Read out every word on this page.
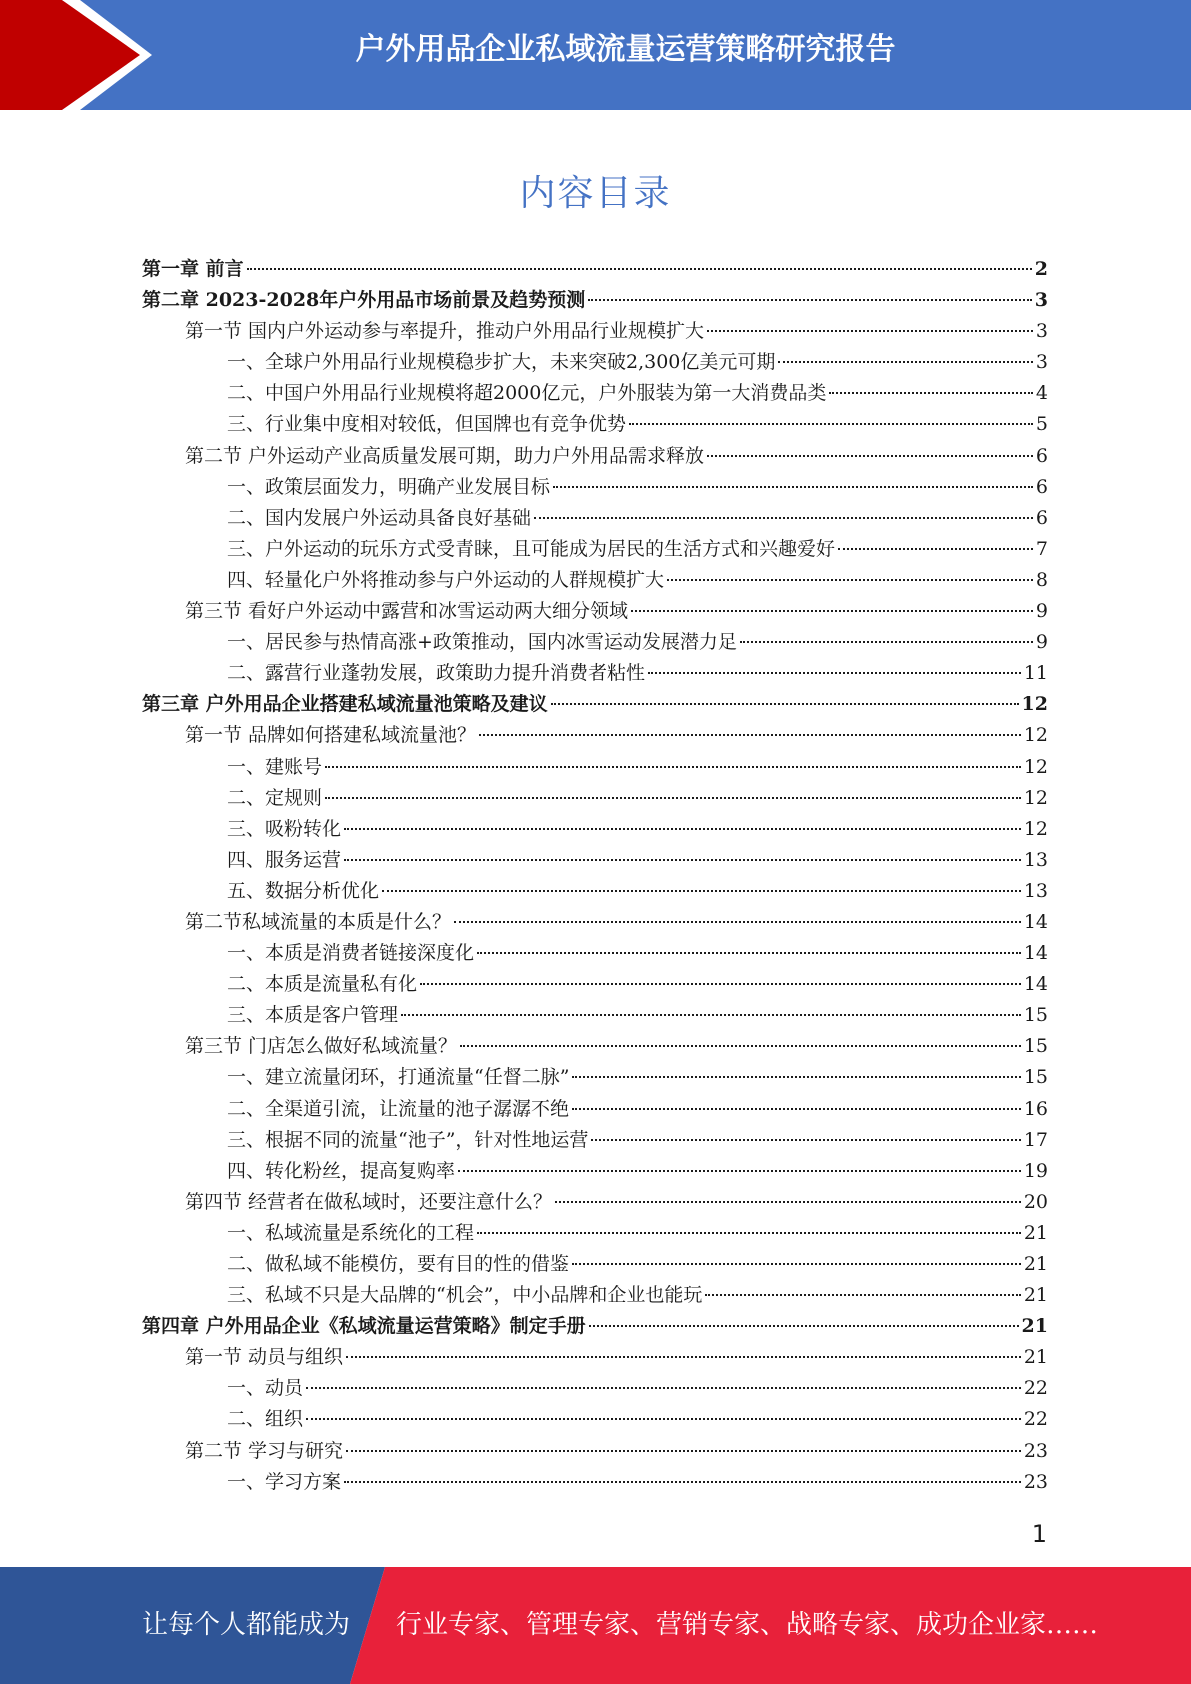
户外用品企业私域流量运营策略研究报告
内容目录
第一章 前言	2
第二章 2023-2028年户外用品市场前景及趋势预测	3
第一节 国内户外运动参与率提升，推动户外用品行业规模扩大	3
一、全球户外用品行业规模稳步扩大，未来突破2,300亿美元可期	3
二、中国户外用品行业规模将超2000亿元，户外服装为第一大消费品类	4
三、行业集中度相对较低，但国牌也有竞争优势	5
第二节 户外运动产业高质量发展可期，助力户外用品需求释放	6
一、政策层面发力，明确产业发展目标	6
二、国内发展户外运动具备良好基础	6
三、户外运动的玩乐方式受青睐，且可能成为居民的生活方式和兴趣爱好	7
四、轻量化户外将推动参与户外运动的人群规模扩大	8
第三节 看好户外运动中露营和冰雪运动两大细分领域	9
一、居民参与热情高涨+政策推动，国内冰雪运动发展潜力足	9
二、露营行业蓬勃发展，政策助力提升消费者粘性	11
第三章 户外用品企业搭建私域流量池策略及建议	12
第一节 品牌如何搭建私域流量池？	12
一、建账号	12
二、定规则	12
三、吸粉转化	12
四、服务运营	13
五、数据分析优化	13
第二节私域流量的本质是什么？	14
一、本质是消费者链接深度化	14
二、本质是流量私有化	14
三、本质是客户管理	15
第三节 门店怎么做好私域流量？	15
一、建立流量闭环，打通流量“任督二脉”	15
二、全渠道引流，让流量的池子潺潺不绝	16
三、根据不同的流量“池子”，针对性地运营	17
四、转化粉丝，提高复购率	19
第四节 经营者在做私域时，还要注意什么？	20
一、私域流量是系统化的工程	21
二、做私域不能模仿，要有目的性的借鉴	21
三、私域不只是大品牌的“机会”，中小品牌和企业也能玩	21
第四章 户外用品企业《私域流量运营策略》制定手册	21
第一节 动员与组织	21
一、动员	22
二、组织	22
第二节 学习与研究	23
一、学习方案	23
1
让每个人都能成为 行业专家、管理专家、营销专家、战略专家、成功企业家……
